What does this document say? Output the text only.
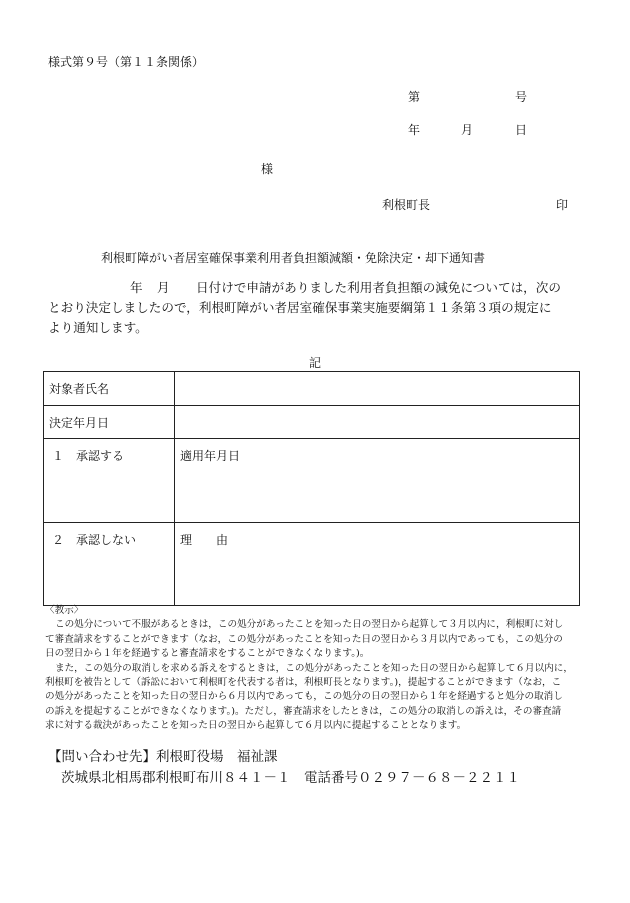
様式第９号（第１１条関係）
第	号
年	月	日
様
利根町長	印
利根町障がい者居室確保事業利用者負担額減額・免除決定・却下通知書
年 月 日付けで申請がありました利用者負担額の減免については，次の
とおり決定しましたので，利根町障がい者居室確保事業実施要綱第１１条第３項の規定に
より通知します。
記
対象者氏名	
決定年月日	
１　承認する	適用年月日
２　承認しない	理　　由
〈教示〉
この処分について不服があるときは，この処分があったことを知った日の翌日から起算して３月以内に，利根町に対し
て審査請求をすることができます（なお，この処分があったことを知った日の翌日から３月以内であっても，この処分の
日の翌日から１年を経過すると審査請求をすることができなくなります。)。
また，この処分の取消しを求める訴えをするときは，この処分があったことを知った日の翌日から起算して６月以内に，
利根町を被告として（訴訟において利根町を代表する者は，利根町長となります。)，提起することができます（なお，こ
の処分があったことを知った日の翌日から６月以内であっても，この処分の日の翌日から１年を経過すると処分の取消し
の訴えを提起することができなくなります。)。ただし，審査請求をしたときは，この処分の取消しの訴えは，その審査請
求に対する裁決があったことを知った日の翌日から起算して６月以内に提起することとなります。
【問い合わせ先】利根町役場　福祉課
茨城県北相馬郡利根町布川８４１－１　電話番号０２９７－６８－２２１１
